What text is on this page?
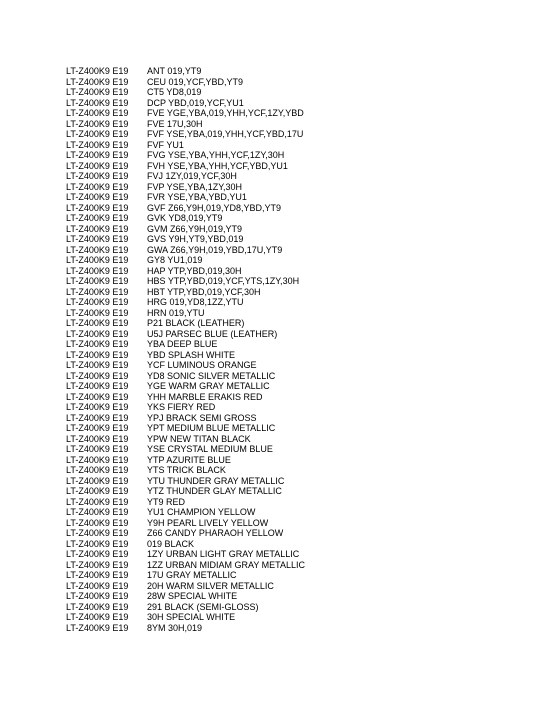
LT-Z400K9 E19	ANT 019,YT9
LT-Z400K9 E19	CEU 019,YCF,YBD,YT9
LT-Z400K9 E19	CT5 YD8,019
LT-Z400K9 E19	DCP YBD,019,YCF,YU1
LT-Z400K9 E19	FVE YGE,YBA,019,YHH,YCF,1ZY,YBD
LT-Z400K9 E19	FVE 17U,30H
LT-Z400K9 E19	FVF YSE,YBA,019,YHH,YCF,YBD,17U
LT-Z400K9 E19	FVF YU1
LT-Z400K9 E19	FVG YSE,YBA,YHH,YCF,1ZY,30H
LT-Z400K9 E19	FVH YSE,YBA,YHH,YCF,YBD,YU1
LT-Z400K9 E19	FVJ 1ZY,019,YCF,30H
LT-Z400K9 E19	FVP YSE,YBA,1ZY,30H
LT-Z400K9 E19	FVR YSE,YBA,YBD,YU1
LT-Z400K9 E19	GVF Z66,Y9H,019,YD8,YBD,YT9
LT-Z400K9 E19	GVK YD8,019,YT9
LT-Z400K9 E19	GVM Z66,Y9H,019,YT9
LT-Z400K9 E19	GVS Y9H,YT9,YBD,019
LT-Z400K9 E19	GWA Z66,Y9H,019,YBD,17U,YT9
LT-Z400K9 E19	GY8 YU1,019
LT-Z400K9 E19	HAP YTP,YBD,019,30H
LT-Z400K9 E19	HBS YTP,YBD,019,YCF,YTS,1ZY,30H
LT-Z400K9 E19	HBT YTP,YBD,019,YCF,30H
LT-Z400K9 E19	HRG 019,YD8,1ZZ,YTU
LT-Z400K9 E19	HRN 019,YTU
LT-Z400K9 E19	P21 BLACK (LEATHER)
LT-Z400K9 E19	U5J PARSEC BLUE (LEATHER)
LT-Z400K9 E19	YBA DEEP BLUE
LT-Z400K9 E19	YBD SPLASH WHITE
LT-Z400K9 E19	YCF LUMINOUS ORANGE
LT-Z400K9 E19	YD8 SONIC SILVER METALLIC
LT-Z400K9 E19	YGE WARM GRAY METALLIC
LT-Z400K9 E19	YHH MARBLE ERAKIS RED
LT-Z400K9 E19	YKS FIERY RED
LT-Z400K9 E19	YPJ BRACK SEMI GROSS
LT-Z400K9 E19	YPT MEDIUM BLUE METALLIC
LT-Z400K9 E19	YPW NEW TITAN BLACK
LT-Z400K9 E19	YSE CRYSTAL MEDIUM BLUE
LT-Z400K9 E19	YTP AZURITE BLUE
LT-Z400K9 E19	YTS TRICK BLACK
LT-Z400K9 E19	YTU THUNDER GRAY METALLIC
LT-Z400K9 E19	YTZ THUNDER GLAY METALLIC
LT-Z400K9 E19	YT9 RED
LT-Z400K9 E19	YU1 CHAMPION YELLOW
LT-Z400K9 E19	Y9H PEARL LIVELY YELLOW
LT-Z400K9 E19	Z66 CANDY PHARAOH YELLOW
LT-Z400K9 E19	019 BLACK
LT-Z400K9 E19	1ZY URBAN LIGHT GRAY METALLIC
LT-Z400K9 E19	1ZZ URBAN MIDIAM GRAY METALLIC
LT-Z400K9 E19	17U GRAY METALLIC
LT-Z400K9 E19	20H WARM SILVER METALLIC
LT-Z400K9 E19	28W SPECIAL WHITE
LT-Z400K9 E19	291 BLACK (SEMI-GLOSS)
LT-Z400K9 E19	30H SPECIAL WHITE
LT-Z400K9 E19	8YM 30H,019
